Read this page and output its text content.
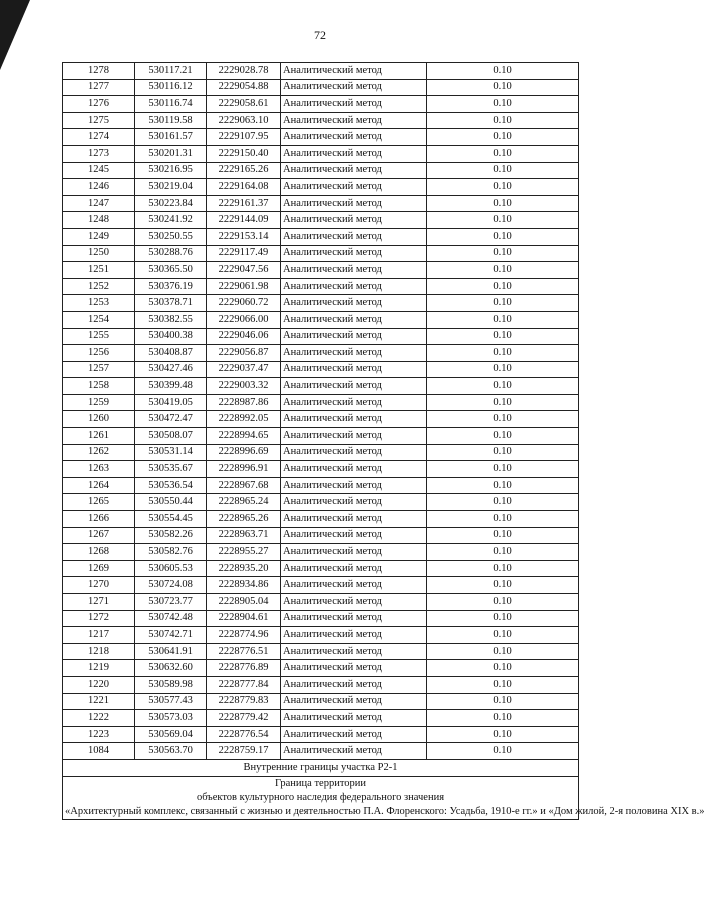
72
1278	530117.21	2229028.78	Аналитический метод	0.10
1277	530116.12	2229054.88	Аналитический метод	0.10
1276	530116.74	2229058.61	Аналитический метод	0.10
1275	530119.58	2229063.10	Аналитический метод	0.10
1274	530161.57	2229107.95	Аналитический метод	0.10
1273	530201.31	2229150.40	Аналитический метод	0.10
1245	530216.95	2229165.26	Аналитический метод	0.10
1246	530219.04	2229164.08	Аналитический метод	0.10
1247	530223.84	2229161.37	Аналитический метод	0.10
1248	530241.92	2229144.09	Аналитический метод	0.10
1249	530250.55	2229153.14	Аналитический метод	0.10
1250	530288.76	2229117.49	Аналитический метод	0.10
1251	530365.50	2229047.56	Аналитический метод	0.10
1252	530376.19	2229061.98	Аналитический метод	0.10
1253	530378.71	2229060.72	Аналитический метод	0.10
1254	530382.55	2229066.00	Аналитический метод	0.10
1255	530400.38	2229046.06	Аналитический метод	0.10
1256	530408.87	2229056.87	Аналитический метод	0.10
1257	530427.46	2229037.47	Аналитический метод	0.10
1258	530399.48	2229003.32	Аналитический метод	0.10
1259	530419.05	2228987.86	Аналитический метод	0.10
1260	530472.47	2228992.05	Аналитический метод	0.10
1261	530508.07	2228994.65	Аналитический метод	0.10
1262	530531.14	2228996.69	Аналитический метод	0.10
1263	530535.67	2228996.91	Аналитический метод	0.10
1264	530536.54	2228967.68	Аналитический метод	0.10
1265	530550.44	2228965.24	Аналитический метод	0.10
1266	530554.45	2228965.26	Аналитический метод	0.10
1267	530582.26	2228963.71	Аналитический метод	0.10
1268	530582.76	2228955.27	Аналитический метод	0.10
1269	530605.53	2228935.20	Аналитический метод	0.10
1270	530724.08	2228934.86	Аналитический метод	0.10
1271	530723.77	2228905.04	Аналитический метод	0.10
1272	530742.48	2228904.61	Аналитический метод	0.10
1217	530742.71	2228774.96	Аналитический метод	0.10
1218	530641.91	2228776.51	Аналитический метод	0.10
1219	530632.60	2228776.89	Аналитический метод	0.10
1220	530589.98	2228777.84	Аналитический метод	0.10
1221	530577.43	2228779.83	Аналитический метод	0.10
1222	530573.03	2228779.42	Аналитический метод	0.10
1223	530569.04	2228776.54	Аналитический метод	0.10
1084	530563.70	2228759.17	Аналитический метод	0.10
Внутренние границы участка Р2-1				

Граница территории
объектов культурного наследия федерального значения
«Архитектурный комплекс, связанный с жизнью и деятельностью П.А. Флоренского: Усадьба, 1910-е гг.» и «Дом жилой, 2-я половина XIX в.»				
